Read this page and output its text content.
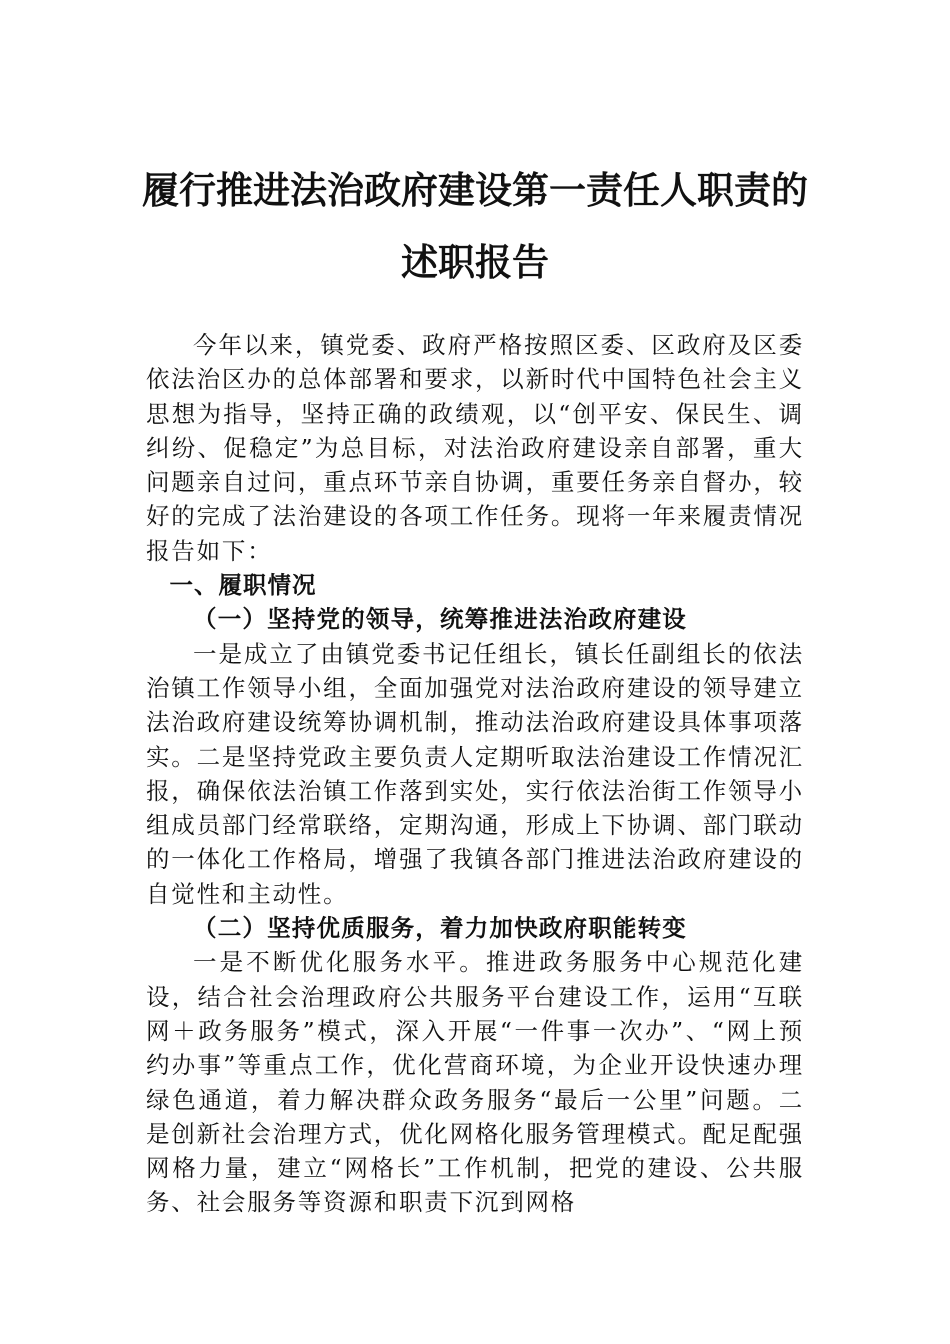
履行推进法治政府建设第一责任人职责的
述职报告

今年以来，镇党委、政府严格按照区委、区政府及区委依法治区办的总体部署和要求，以新时代中国特色社会主义思想为指导，坚持正确的政绩观，以“创平安、保民生、调纠纷、促稳定”为总目标，对法治政府建设亲自部署，重大问题亲自过问，重点环节亲自协调，重要任务亲自督办，较好的完成了法治建设的各项工作任务。现将一年来履责情况报告如下：

一、履职情况

（一）坚持党的领导，统筹推进法治政府建设

一是成立了由镇党委书记任组长，镇长任副组长的依法治镇工作领导小组，全面加强党对法治政府建设的领导建立法治政府建设统筹协调机制，推动法治政府建设具体事项落实。二是坚持党政主要负责人定期听取法治建设工作情况汇报，确保依法治镇工作落到实处，实行依法治街工作领导小组成员部门经常联络，定期沟通，形成上下协调、部门联动的一体化工作格局，增强了我镇各部门推进法治政府建设的自觉性和主动性。

（二）坚持优质服务，着力加快政府职能转变

一是不断优化服务水平。推进政务服务中心规范化建设，结合社会治理政府公共服务平台建设工作，运用“互联网＋政务服务”模式，深入开展“一件事一次办”、“网上预约办事”等重点工作，优化营商环境，为企业开设快速办理绿色通道，着力解决群众政务服务“最后一公里”问题。二是创新社会治理方式，优化网格化服务管理模式。配足配强网格力量，建立“网格长”工作机制，把党的建设、公共服务、社会服务等资源和职责下沉到网格
